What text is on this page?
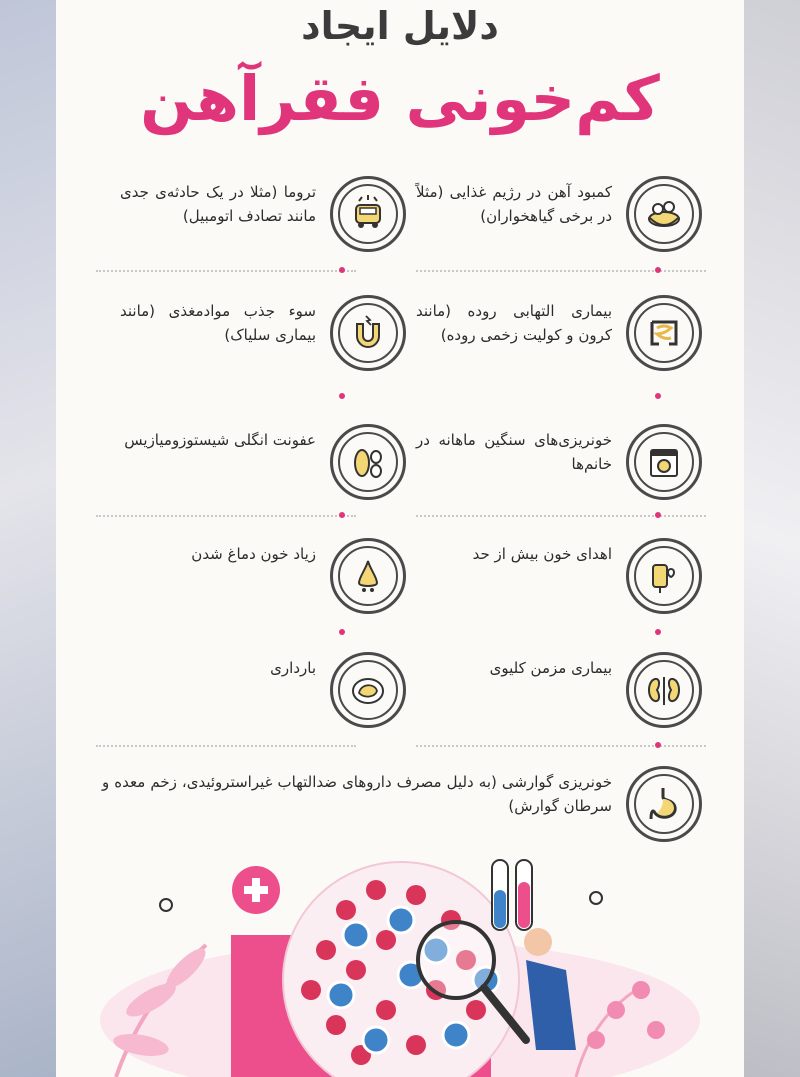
دلایل ایجاد
کم‌خونی فقرآهن
کمبود آهن در رژیم غذایی (مثلاً در برخی گیاهخواران)
تروما (مثلا در یک حادثه‌ی جدی مانند تصادف اتومبیل)
بیماری التهابی روده (مانند کرون و کولیت زخمی روده)
سوء جذب موادمغذی (مانند بیماری سلیاک)
خونریزی‌های سنگین ماهانه در خانم‌ها
عفونت انگلی شیستوزومیازیس
اهدای خون بیش از حد
زیاد خون دماغ شدن
بیماری مزمن کلیوی
بارداری
خونریزی گوارشی (به دلیل مصرف داروهای ضدالتهاب غیراستروئیدی، زخم معده و سرطان گوارش)
